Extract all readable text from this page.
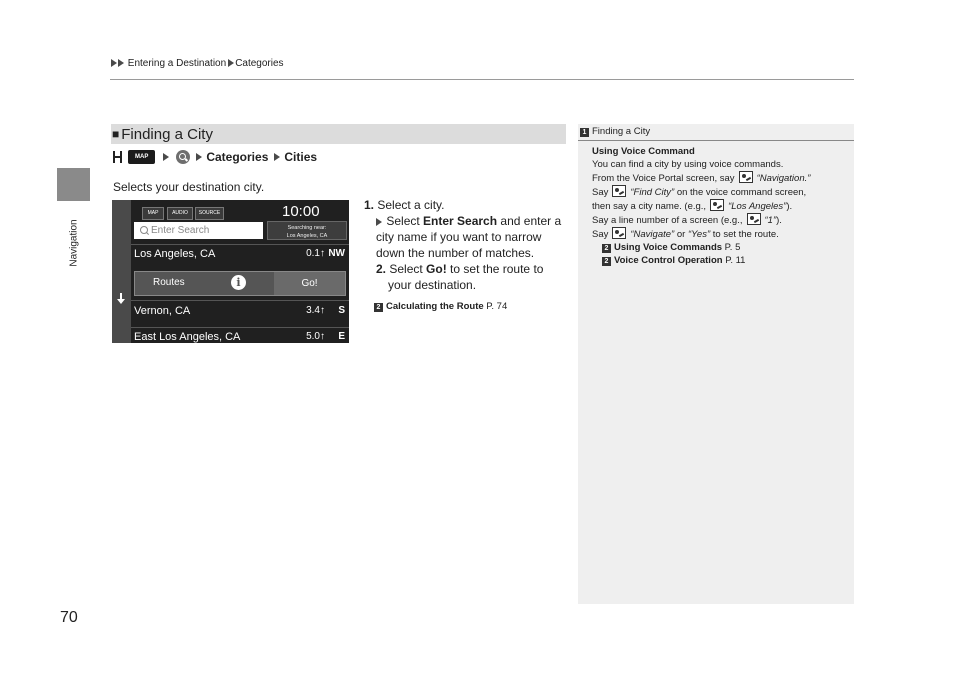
Entering a Destination Categories
Navigation
70
■ Finding a City
MAP	Categories Cities
Selects your destination city.
MAP	AUDIO	SOURCE	10:00
Enter Search	Searching near:
Los Angeles, CA
Los Angeles, CA	0.1↑ NW
Routes	i	Go!
Vernon, CA	3.4↑ S
East Los Angeles, CA	5.0↑ E

1. Select a city.

Select Enter Search and enter a city name if you want to narrow down the number of matches.

2. Select Go! to set the route to your destination.

2 Calculating the Route P. 74

1 Finding a City

Using Voice Command

You can find a city by using voice commands.

From the Voice Portal screen, say “Navigation.”

Say “Find City” on the voice command screen,

then say a city name. (e.g., “Los Angeles”).

Say a line number of a screen (e.g., “1”).

Say “Navigate” or “Yes” to set the route.

2 Using Voice Commands P. 5

2 Voice Control Operation P. 11
